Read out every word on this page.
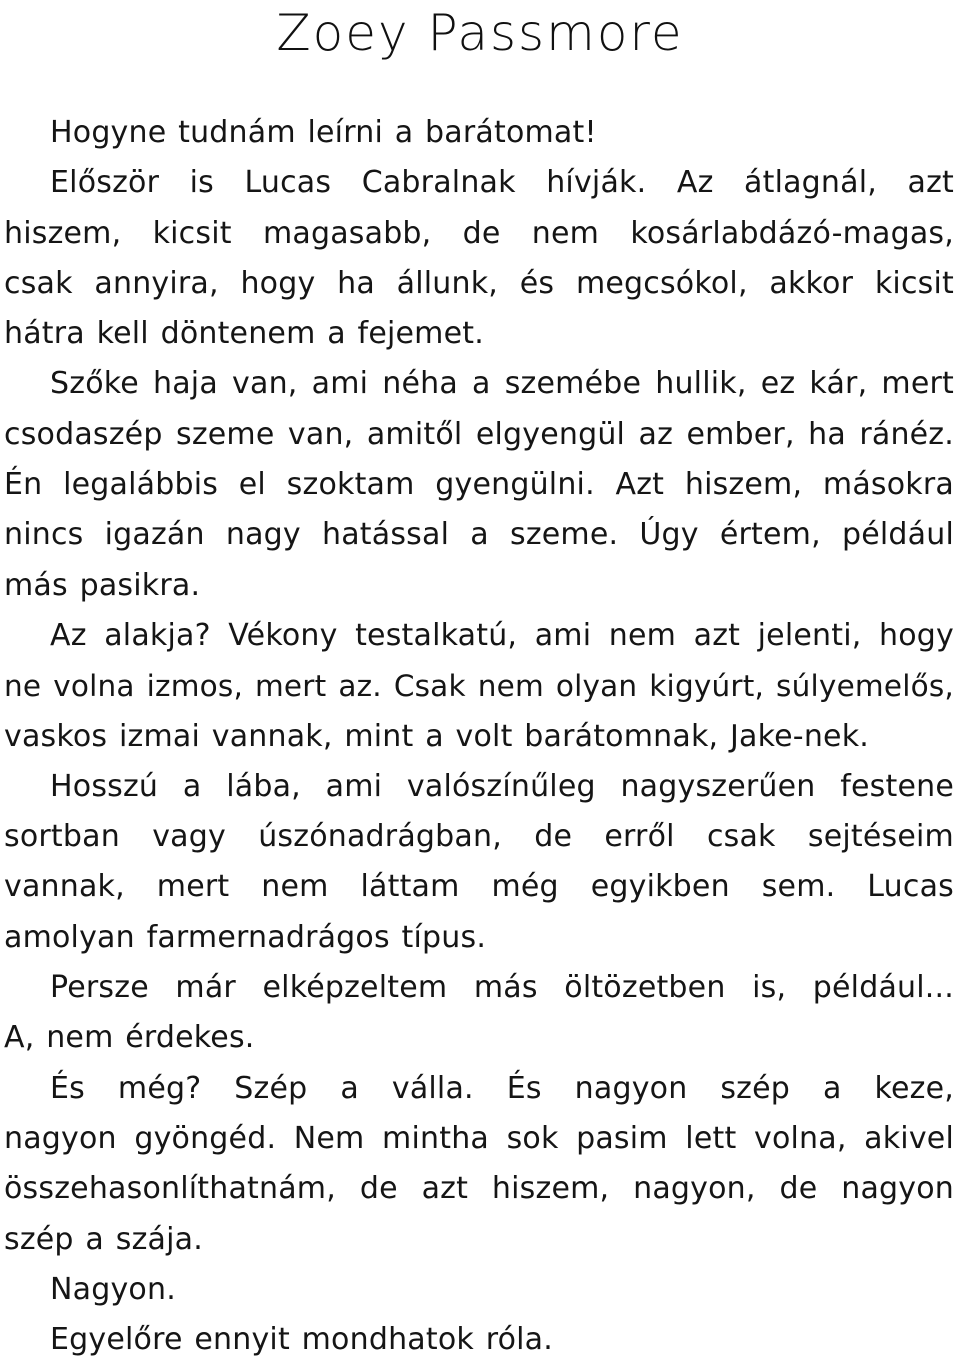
Zoey Passmore
Hogyne tudnám leírni a barátomat!
Először is Lucas Cabralnak hívják. Az átlagnál, azt
hiszem, kicsit magasabb, de nem kosárlabdázó-magas,
csak annyira, hogy ha állunk, és megcsókol, akkor kicsit
hátra kell döntenem a fejemet.
Szőke haja van, ami néha a szemébe hullik, ez kár, mert
csodaszép szeme van, amitől elgyengül az ember, ha ránéz.
Én legalábbis el szoktam gyengülni. Azt hiszem, másokra
nincs igazán nagy hatással a szeme. Úgy értem, például
más pasikra.
Az alakja? Vékony testalkatú, ami nem azt jelenti, hogy
ne volna izmos, mert az. Csak nem olyan kigyúrt, súlyemelős,
vaskos izmai vannak, mint a volt barátomnak, Jake-nek.
Hosszú a lába, ami valószínűleg nagyszerűen festene
sortban vagy úszónadrágban, de erről csak sejtéseim
vannak, mert nem láttam még egyikben sem. Lucas
amolyan farmernadrágos típus.
Persze már elképzeltem más öltözetben is, például...
A, nem érdekes.
És még? Szép a válla. És nagyon szép a keze,
nagyon gyöngéd. Nem mintha sok pasim lett volna, akivel
összehasonlíthatnám, de azt hiszem, nagyon, de nagyon
szép a szája.
Nagyon.
Egyelőre ennyit mondhatok róla.
